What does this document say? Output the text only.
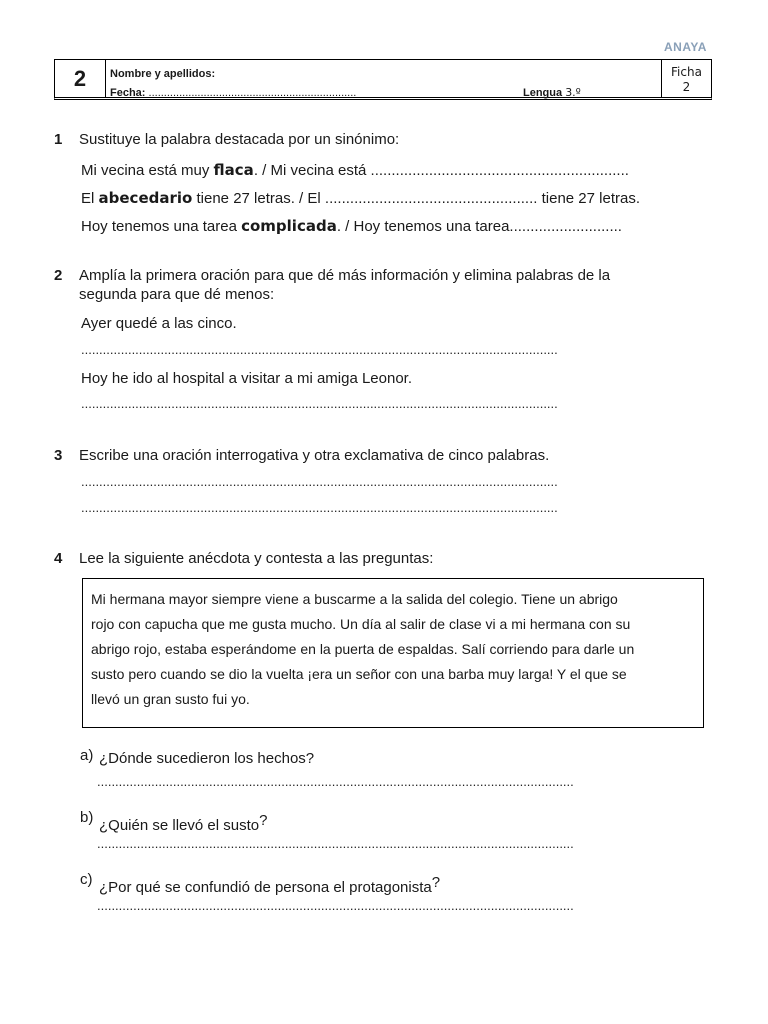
ANAYA
2	Nombre y apellidos:
Fecha: ....................................................................	Lengua 3.º
Ficha
2
1 Sustituye la palabra destacada por un sinónimo:
Mi vecina está muy flaca. / Mi vecina está ..............................................................
El abecedario tiene 27 letras. / El ................................................... tiene 27 letras.
Hoy tenemos una tarea complicada. / Hoy tenemos una tarea...........................
2 Amplía la primera oración para que dé más información y elimina palabras de la
segunda para que dé menos:
Ayer quedé a las cinco.
....................................................................................................................................
Hoy he ido al hospital a visitar a mi amiga Leonor.
....................................................................................................................................
3 Escribe una oración interrogativa y otra exclamativa de cinco palabras.
....................................................................................................................................
....................................................................................................................................
4 Lee la siguiente anécdota y contesta a las preguntas:
Mi hermana mayor siempre viene a buscarme a la salida del colegio. Tiene un abrigo
rojo con capucha que me gusta mucho. Un día al salir de clase vi a mi hermana con su
abrigo rojo, estaba esperándome en la puerta de espaldas. Salí corriendo para darle un
susto pero cuando se dio la vuelta ¡era un señor con una barba muy larga! Y el que se
llevó un gran susto fui yo.
a) ¿Dónde sucedieron los hechos?
....................................................................................................................................
b) ¿Quién se llevó el susto?
....................................................................................................................................
c) ¿Por qué se confundió de persona el protagonista?
....................................................................................................................................
